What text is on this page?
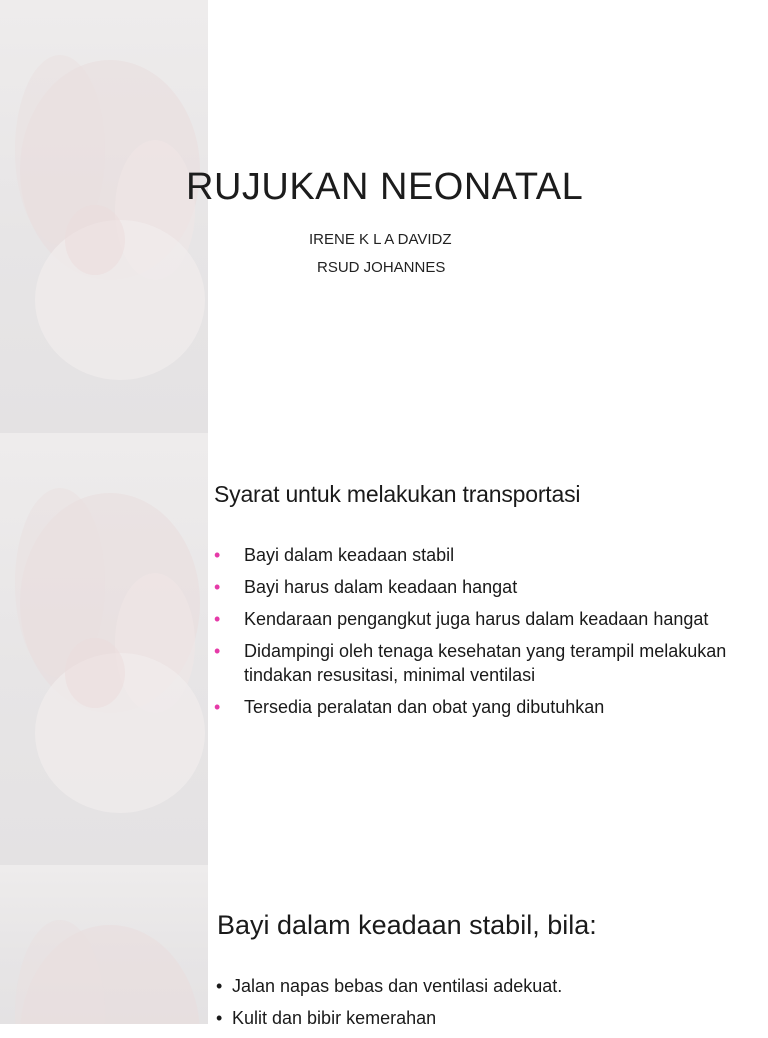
RUJUKAN NEONATAL

IRENE K L A DAVIDZ

RSUD JOHANNES

Syarat untuk melakukan transportasi
• Bayi dalam keadaan stabil
• Bayi harus dalam keadaan hangat
• Kendaraan pengangkut juga harus dalam keadaan hangat
• Didampingi oleh tenaga kesehatan yang terampil melakukan tindakan resusitasi, minimal ventilasi
• Tersedia peralatan dan obat yang dibutuhkan
Bayi dalam keadaan stabil, bila:
• Jalan napas bebas dan ventilasi adekuat.
• Kulit dan bibir kemerahan
